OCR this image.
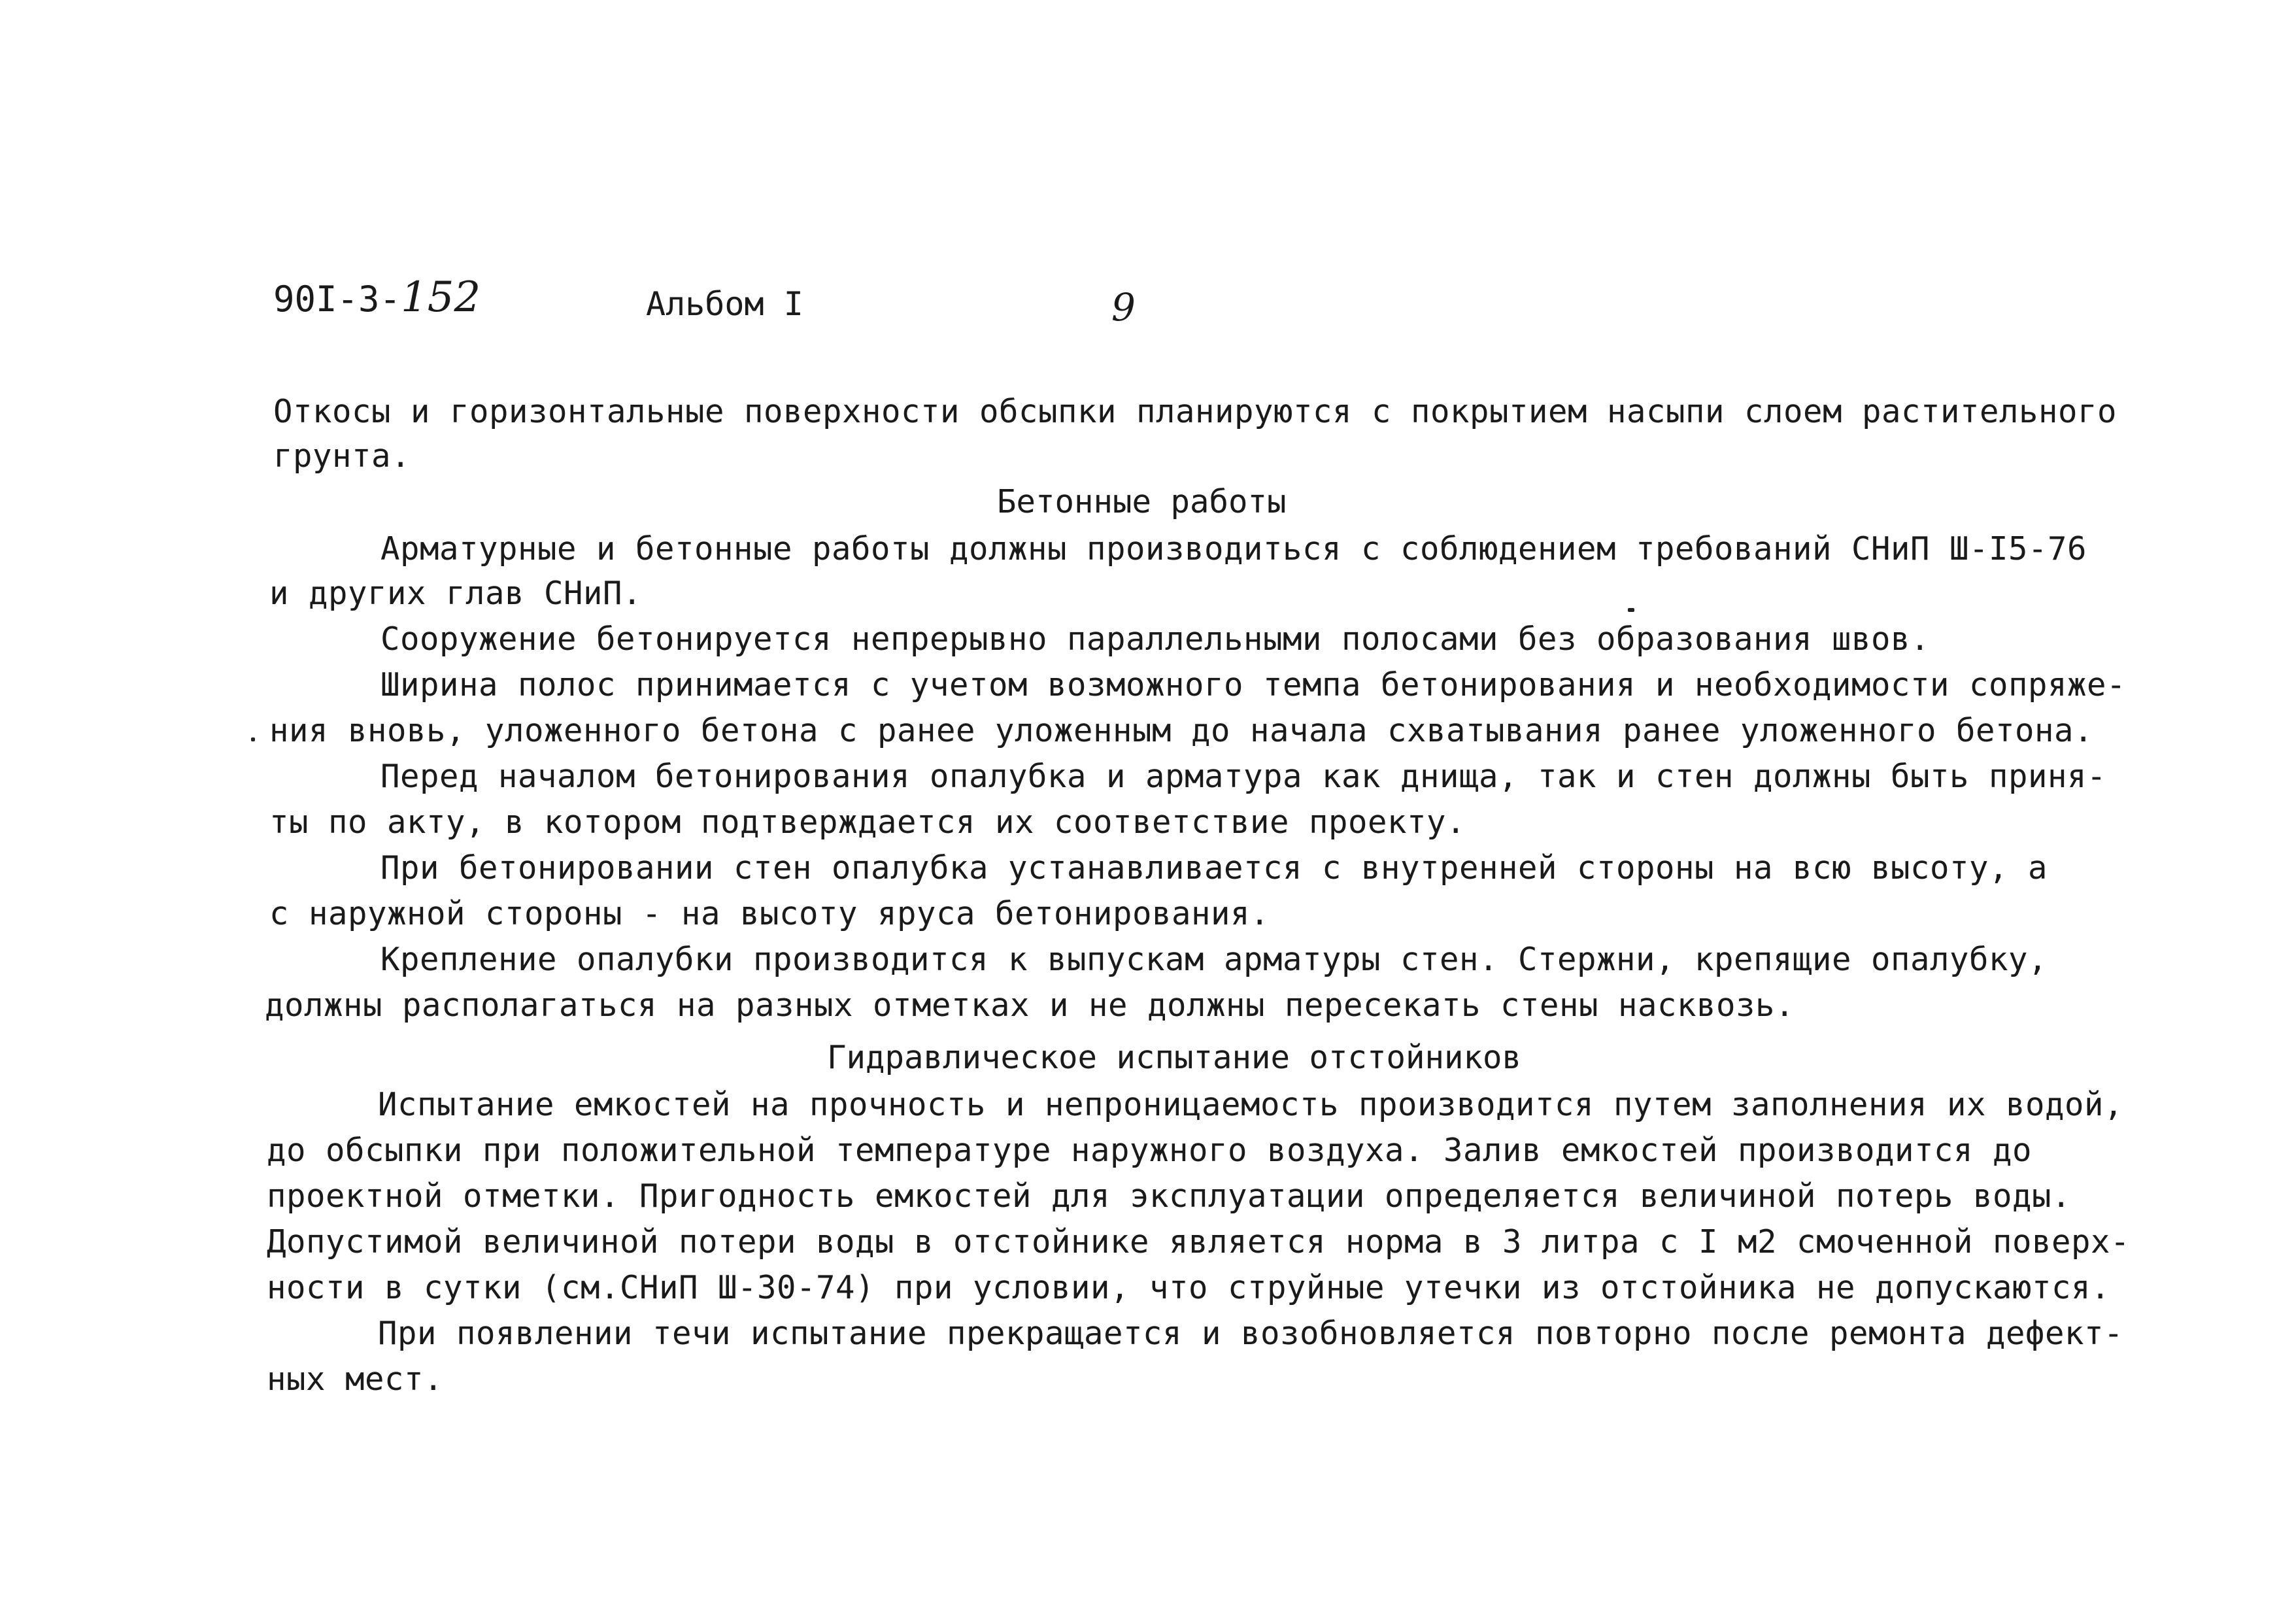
90I-3-152	Альбом I	9
Откосы и горизонтальные поверхности обсыпки планируются с покрытием насыпи слоем растительного
грунта.
Бетонные работы
Арматурные и бетонные работы должны производиться с соблюдением требований СНиП Ш-I5-76
и других глав СНиП.
Сооружение бетонируется непрерывно параллельными полосами без образования швов.
Ширина полос принимается с учетом возможного темпа бетонирования и необходимости сопряже-
ния вновь, уложенного бетона с ранее уложенным до начала схватывания ранее уложенного бетона.
Перед началом бетонирования опалубка и арматура как днища, так и стен должны быть приня-
ты по акту, в котором подтверждается их соответствие проекту.
При бетонировании стен опалубка устанавливается с внутренней стороны на всю высоту, а
с наружной стороны - на высоту яруса бетонирования.
Крепление опалубки производится к выпускам арматуры стен. Стержни, крепящие опалубку,
должны располагаться на разных отметках и не должны пересекать стены насквозь.
Гидравлическое испытание отстойников
Испытание емкостей на прочность и непроницаемость производится путем заполнения их водой,
до обсыпки при положительной температуре наружного воздуха. Залив емкостей производится до
проектной отметки. Пригодность емкостей для эксплуатации определяется величиной потерь воды.
Допустимой величиной потери воды в отстойнике является норма в 3 литра с I м2 смоченной поверх-
ности в сутки (см.СНиП Ш-30-74) при условии, что струйные утечки из отстойника не допускаются.
При появлении течи испытание прекращается и возобновляется повторно после ремонта дефект-
ных мест.
